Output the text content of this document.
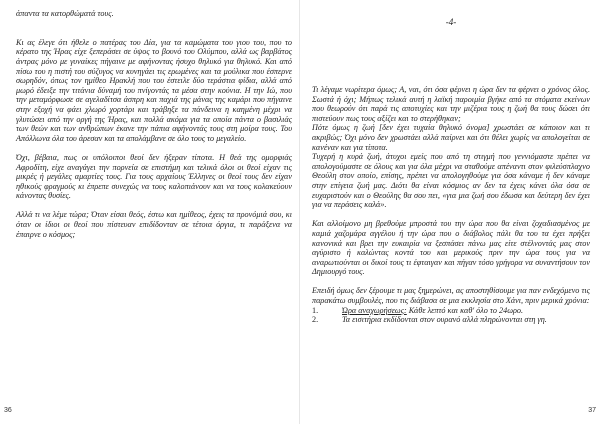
άπαντα τα κατορθώματά τους.

Κι ας έλεγε ότι ήθελε ο πατέρας του Δία, για τα καμώματα του γιου του, που το κέρατο της Ήρας είχε ξεπεράσει σε ύψος το βουνό του Ολύμπου, αλλά ως βαρβάτος άντρας μόνο με γυναίκες πήγαινε με αφήνοντας ήσυχο θηλυκό για θηλυκό. Και από πίσω του η πιστή του σύζυγος να κυνηγάει τις ερωμένες και τα μούλικα που έσπερνε σωρηδόν, όπως τον ημίθεο Ηρακλή που του έστειλε δύο τεράστια φίδια, αλλά από μωρό έδειξε την τιτάνια δύναμή του πνίγοντάς τα μέσα στην κούνια. Η την Ιώ, που την μεταμόρφωσε σε αγελαδίτσα άσπρη και παχιά της μάνας της καμάρι που πήγαινε στην εξοχή να φάει χλωρό χορτάρι και τράβηξε τα πάνδεινα η καημένη μέχρι να γλυτώσει από την οργή της Ήρας, και πολλά ακόμα για τα οποία πάντα ο βασιλιάς των θεών και των ανθρώπων έκανε την πάπια αφήνοντάς τους στη μοίρα τους. Του Απόλλωνα όλα του άρεσαν και τα απολάμβανε σε όλο τους το μεγαλείο.

Όχι, βέβαια, πως οι υπόλοιποι θεοί δεν ήξεραν τίποτα. Η θεά της ομορφιάς Αφροδίτη, είχε αναγάγει την πορνεία σε επιστήμη και τελικά όλοι οι θεοί είχαν τις μικρές ή μεγάλες αμαρτίες τους. Για τους αρχαίους Έλληνες οι θεοί τους δεν είχαν ηθικούς φραγμούς κι έπρεπε συνεχώς να τους καλοπιάνουν και να τους κολακεύουν κάνοντας θυσίες.

Αλλά τι να λέμε τώρα; Όταν είσαι θεός, έστω και ημίθεος, έχεις τα προνόμιά σου, κι όταν οι ίδιοι οι θεοί που πίστευαν επιδίδονταν σε τέτοια όργια, τι παράξενα να έπαιρνε ο κόσμος;

36
-4-

Τι λέγαμε νωρίτερα όμως; Α, ναι, ότι όσα φέρνει η ώρα δεν τα φέρνει ο χρόνος όλος. Σωστά ή όχι; Μήπως τελικά αυτή η λαϊκή παροιμία βγήκε από τα στόματα εκείνων που θεωρούν ότι παρά τις αποτυχίες και την μιζέρια τους η ζωή θα τους δώσει ότι πιστεύουν πως τους αξίζει και το στερήθηκαν;

Πότε όμως η ζωή [δεν έχει τυχαία θηλυκό όνομα] χρωστάει σε κάποιον και τι ακριβώς; Όχι μόνο δεν χρωστάει αλλά παίρνει και ότι θέλει χωρίς να απολογείται σε κανέναν και για τίποτα.

Τυχερή η κυρά ζωή, άτυχοι εμείς που από τη στιγμή που γεννιόμαστε πρέπει να απολογούμαστε σε όλους και για όλα μέχρι να σταθούμε απέναντι στον φιλεύσπλαχνο Θεούλη στον οποίο, επίσης, πρέπει να απολογηθούμε για όσα κάναμε ή δεν κάναμε στην επίγεια ζωή μας. Διότι θα είναι κόσμιος αν δεν τα έχεις κάνει όλα όσα σε ευχαριστούν και ο Θεούλης θα σου πει, «για μια ζωή σου έδωσα και δεύτερη δεν έχει για να περάσεις καλά».

Και αλλοίμονο μη βρεθούμε μπροστά του την ώρα που θα είναι ζοχαδιασμένος με καμιά χαζομάρα αγγέλου ή την ώρα που ο διάβολος πάλι θα του τα έχει πρήξει κανονικά και βρει την ευκαιρία να ξεσπάσει πάνω μας είτε στέλνοντάς μας στον αγύριστο ή καλώντας κοντά του και μερικούς πριν την ώρα τους για να αναρωτιούνται οι δικοί τους τι έφταιγαν και πήγαν τόσο γρήγορα να συναντήσουν τον Δημιουργό τους.

Επειδή όμως δεν ξέρουμε τι μας ξημερώνει, ας αποστηθίσουμε για παν ενδεχόμενο τις παρακάτω συμβουλές, που τις διάβασα σε μια εκκλησία στο Χάνι, πριν μερικά χρόνια:

1.	Ώρα αναχωρήσεως: Κάθε λεπτό και καθ' όλο το 24ωρο.
2.	Τα εισιτήρια εκδίδονται στον ουρανό αλλά πληρώνονται στη γη.
37
